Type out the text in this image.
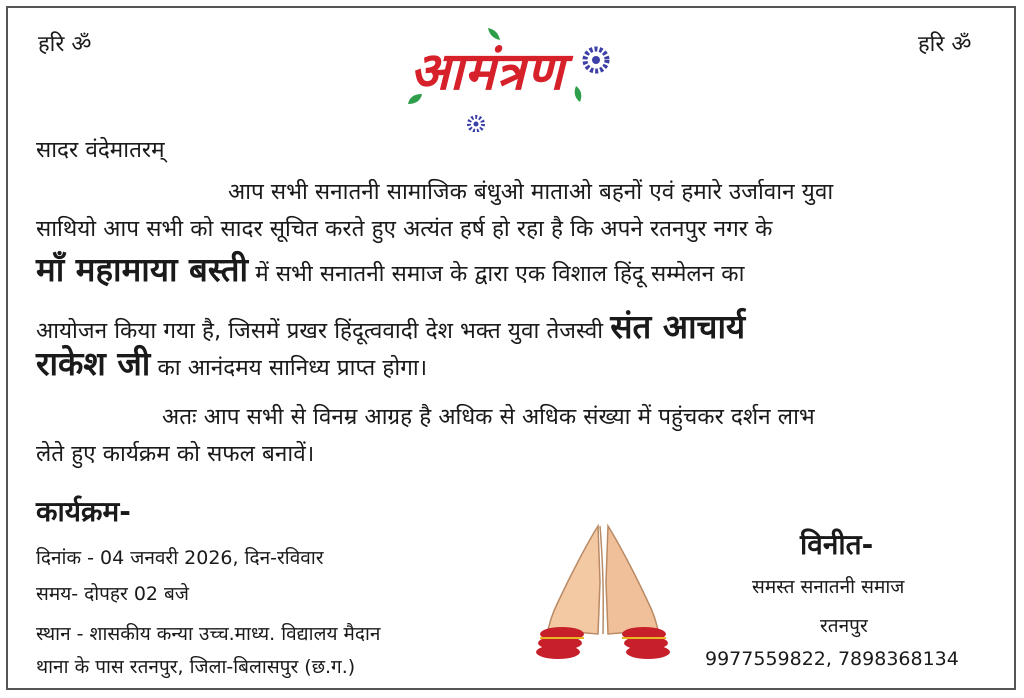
हरि ॐ	हरि ॐ
आमंत्रण
सादर वंदेमातरम्
आप सभी सनातनी सामाजिक बंधुओ माताओ बहनों एवं हमारे उर्जावान युवा
साथियो आप सभी को सादर सूचित करते हुए अत्यंत हर्ष हो रहा है कि अपने रतनपुर नगर के
माँ महामाया बस्ती में सभी सनातनी समाज के द्वारा एक विशाल हिंदू सम्मेलन का
आयोजन किया गया है, जिसमें प्रखर हिंदूत्ववादी देश भक्त युवा तेजस्वी संत आचार्य
राकेश जी का आनंदमय सानिध्य प्राप्त होगा।
अतः आप सभी से विनम्र आग्रह है अधिक से अधिक संख्या में पहुंचकर दर्शन लाभ
लेते हुए कार्यक्रम को सफल बनावें।
कार्यक्रम-
दिनांक - 04 जनवरी 2026, दिन-रविवार
समय- दोपहर 02 बजे
स्थान - शासकीय कन्या उच्च.माध्य. विद्यालय मैदान
थाना के पास रतनपुर, जिला-बिलासपुर (छ.ग.)
विनीत-
समस्त सनातनी समाज
रतनपुर
9977559822, 7898368134
